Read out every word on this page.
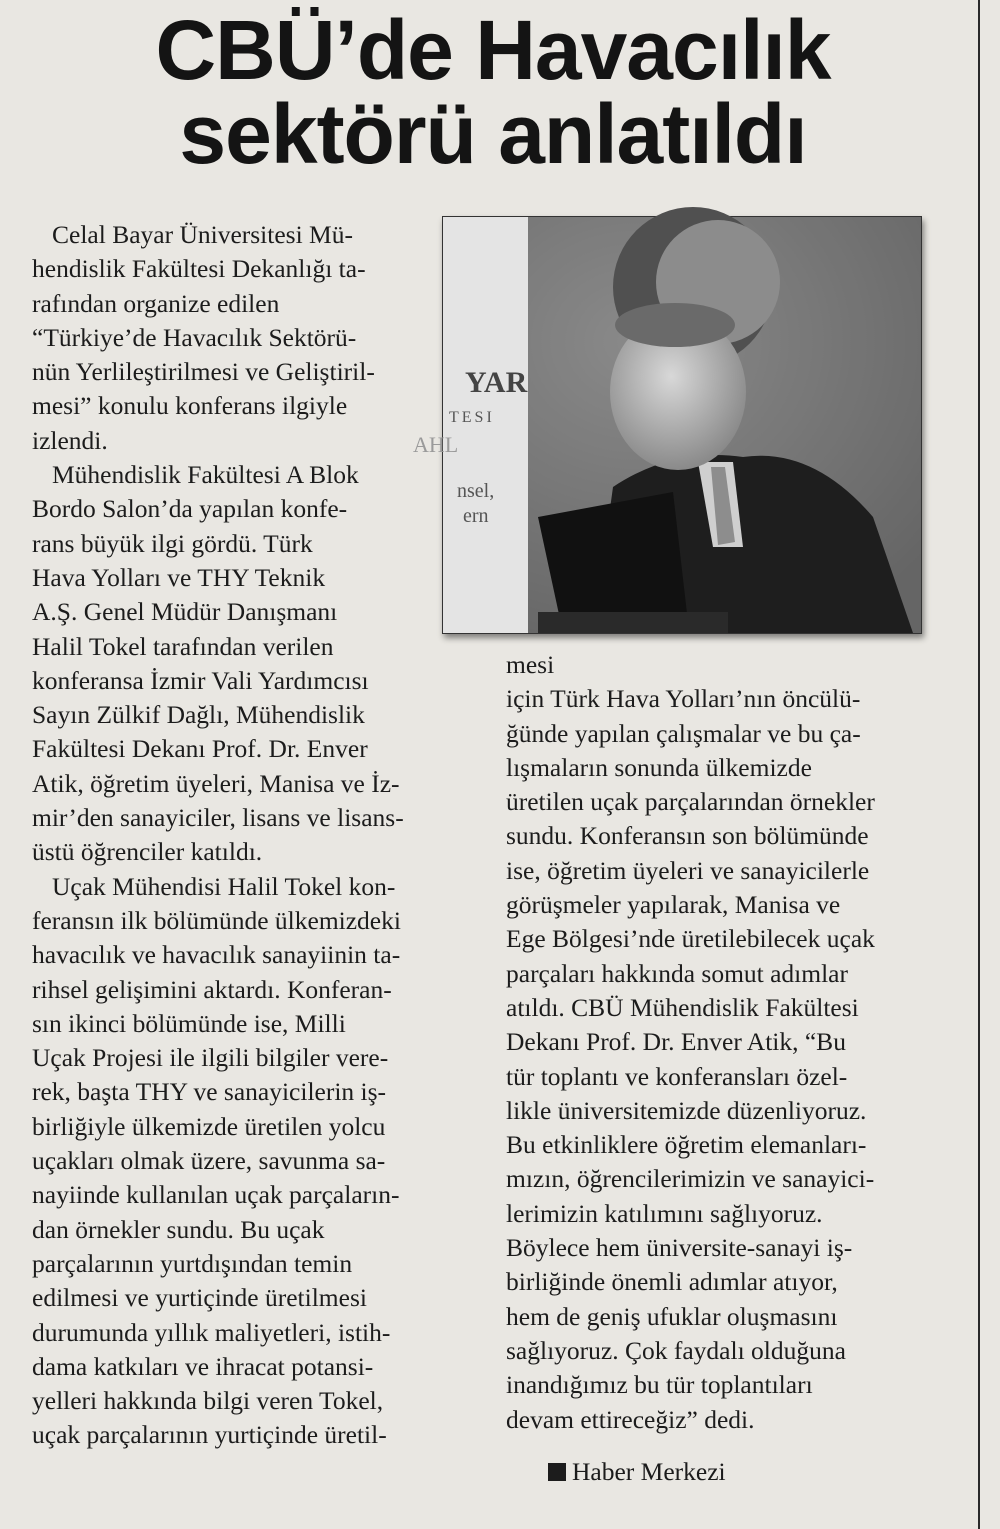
CBÜ’de Havacılık
sektörü anlatıldı
YAR
TESI
AHL
nsel,
ern

Celal Bayar Üniversitesi Mü-
hendislik Fakültesi Dekanlığı ta-
rafından organize edilen
“Türkiye’de Havacılık Sektörü-
nün Yerlileştirilmesi ve Geliştiril-
mesi” konulu konferans ilgiyle
izlendi.

Mühendislik Fakültesi A Blok
Bordo Salon’da yapılan konfe-
rans büyük ilgi gördü. Türk
Hava Yolları ve THY Teknik
A.Ş. Genel Müdür Danışmanı
Halil Tokel tarafından verilen
konferansa İzmir Vali Yardımcısı
Sayın Zülkif Dağlı, Mühendislik
Fakültesi Dekanı Prof. Dr. Enver
Atik, öğretim üyeleri, Manisa ve İz-
mir’den sanayiciler, lisans ve lisans-
üstü öğrenciler katıldı.

Uçak Mühendisi Halil Tokel kon-
feransın ilk bölümünde ülkemizdeki
havacılık ve havacılık sanayiinin ta-
rihsel gelişimini aktardı. Konferan-
sın ikinci bölümünde ise, Milli
Uçak Projesi ile ilgili bilgiler vere-
rek, başta THY ve sanayicilerin iş-
birliğiyle ülkemizde üretilen yolcu
uçakları olmak üzere, savunma sa-
nayiinde kullanılan uçak parçaların-
dan örnekler sundu. Bu uçak
parçalarının yurtdışından temin
edilmesi ve yurtiçinde üretilmesi
durumunda yıllık maliyetleri, istih-
dama katkıları ve ihracat potansi-
yelleri hakkında bilgi veren Tokel,
uçak parçalarının yurtiçinde üretil-

mesi
için Türk Hava Yolları’nın öncülü-
ğünde yapılan çalışmalar ve bu ça-
lışmaların sonunda ülkemizde
üretilen uçak parçalarından örnekler
sundu. Konferansın son bölümünde
ise, öğretim üyeleri ve sanayicilerle
görüşmeler yapılarak, Manisa ve
Ege Bölgesi’nde üretilebilecek uçak
parçaları hakkında somut adımlar
atıldı. CBÜ Mühendislik Fakültesi
Dekanı Prof. Dr. Enver Atik, “Bu
tür toplantı ve konferansları özel-
likle üniversitemizde düzenliyoruz.
Bu etkinliklere öğretim elemanları-
mızın, öğrencilerimizin ve sanayici-
lerimizin katılımını sağlıyoruz.
Böylece hem üniversite-sanayi iş-
birliğinde önemli adımlar atıyor,
hem de geniş ufuklar oluşmasını
sağlıyoruz. Çok faydalı olduğuna
inandığımız bu tür toplantıları
devam ettireceğiz” dedi.

Haber Merkezi
